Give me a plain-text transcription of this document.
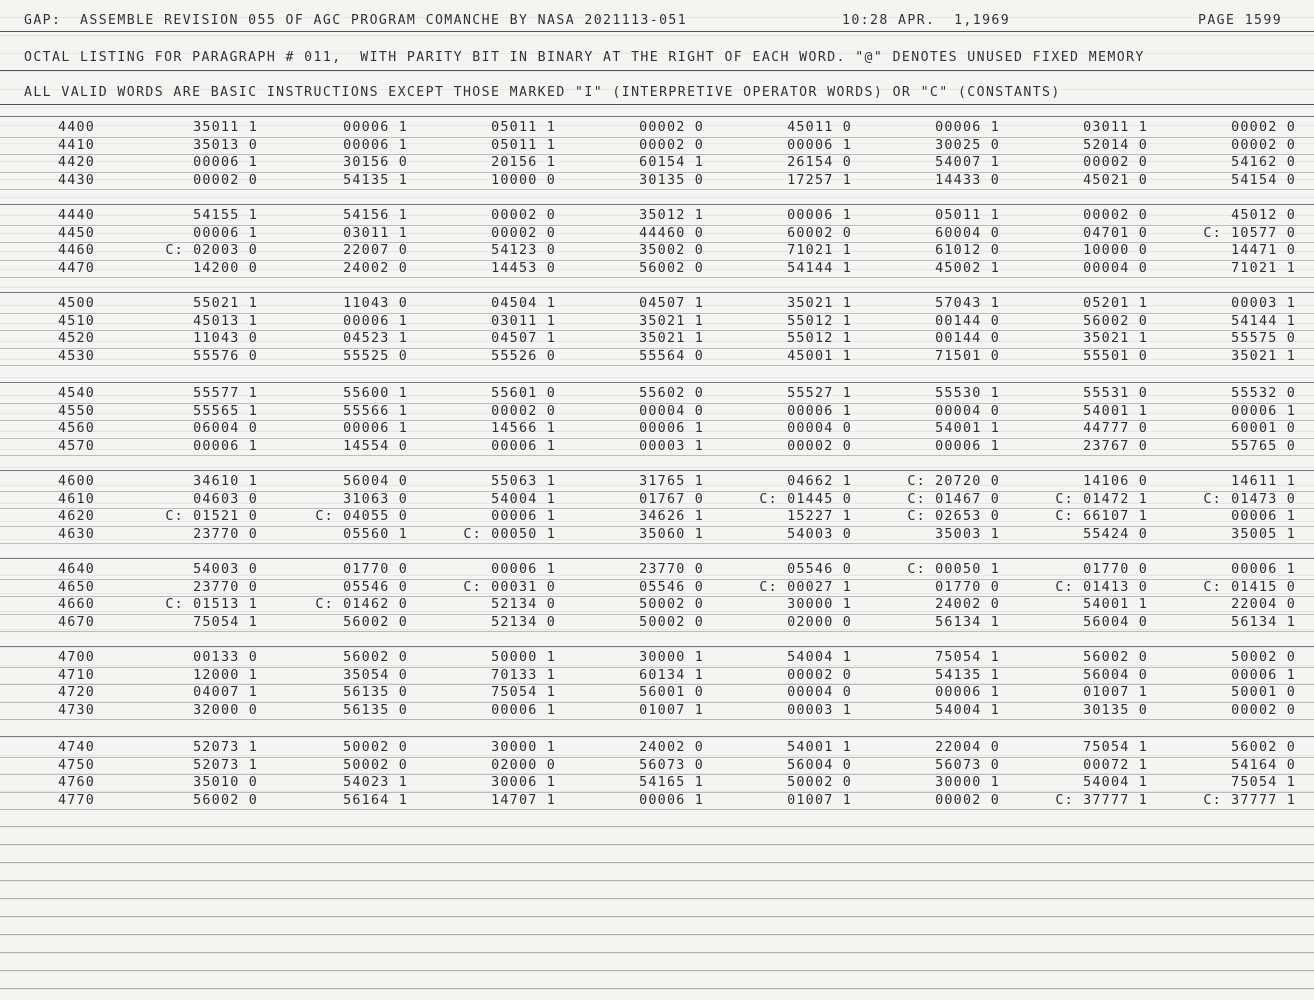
GAP:  ASSEMBLE REVISION 055 OF AGC PROGRAM COMANCHE BY NASA 2021113-051	10:28 APR.  1,1969	PAGE 1599
OCTAL LISTING FOR PARAGRAPH # 011,  WITH PARITY BIT IN BINARY AT THE RIGHT OF EACH WORD. "@" DENOTES UNUSED FIXED MEMORY
ALL VALID WORDS ARE BASIC INSTRUCTIONS EXCEPT THOSE MARKED "I" (INTERPRETIVE OPERATOR WORDS) OR "C" (CONSTANTS)
4400	35011 1	00006 1	05011 1	00002 0	45011 0	00006 1	03011 1	00002 0
4410	35013 0	00006 1	05011 1	00002 0	00006 1	30025 0	52014 0	00002 0
4420	00006 1	30156 0	20156 1	60154 1	26154 0	54007 1	00002 0	54162 0
4430	00002 0	54135 1	10000 0	30135 0	17257 1	14433 0	45021 0	54154 0
4440	54155 1	54156 1	00002 0	35012 1	00006 1	05011 1	00002 0	45012 0
4450	00006 1	03011 1	00002 0	44460 0	60002 0	60004 0	04701 0	C: 10577 0
4460	C: 02003 0	22007 0	54123 0	35002 0	71021 1	61012 0	10000 0	14471 0
4470	14200 0	24002 0	14453 0	56002 0	54144 1	45002 1	00004 0	71021 1
4500	55021 1	11043 0	04504 1	04507 1	35021 1	57043 1	05201 1	00003 1
4510	45013 1	00006 1	03011 1	35021 1	55012 1	00144 0	56002 0	54144 1
4520	11043 0	04523 1	04507 1	35021 1	55012 1	00144 0	35021 1	55575 0
4530	55576 0	55525 0	55526 0	55564 0	45001 1	71501 0	55501 0	35021 1
4540	55577 1	55600 1	55601 0	55602 0	55527 1	55530 1	55531 0	55532 0
4550	55565 1	55566 1	00002 0	00004 0	00006 1	00004 0	54001 1	00006 1
4560	06004 0	00006 1	14566 1	00006 1	00004 0	54001 1	44777 0	60001 0
4570	00006 1	14554 0	00006 1	00003 1	00002 0	00006 1	23767 0	55765 0
4600	34610 1	56004 0	55063 1	31765 1	04662 1	C: 20720 0	14106 0	14611 1
4610	04603 0	31063 0	54004 1	01767 0	C: 01445 0	C: 01467 0	C: 01472 1	C: 01473 0
4620	C: 01521 0	C: 04055 0	00006 1	34626 1	15227 1	C: 02653 0	C: 66107 1	00006 1
4630	23770 0	05560 1	C: 00050 1	35060 1	54003 0	35003 1	55424 0	35005 1
4640	54003 0	01770 0	00006 1	23770 0	05546 0	C: 00050 1	01770 0	00006 1
4650	23770 0	05546 0	C: 00031 0	05546 0	C: 00027 1	01770 0	C: 01413 0	C: 01415 0
4660	C: 01513 1	C: 01462 0	52134 0	50002 0	30000 1	24002 0	54001 1	22004 0
4670	75054 1	56002 0	52134 0	50002 0	02000 0	56134 1	56004 0	56134 1
4700	00133 0	56002 0	50000 1	30000 1	54004 1	75054 1	56002 0	50002 0
4710	12000 1	35054 0	70133 1	60134 1	00002 0	54135 1	56004 0	00006 1
4720	04007 1	56135 0	75054 1	56001 0	00004 0	00006 1	01007 1	50001 0
4730	32000 0	56135 0	00006 1	01007 1	00003 1	54004 1	30135 0	00002 0
4740	52073 1	50002 0	30000 1	24002 0	54001 1	22004 0	75054 1	56002 0
4750	52073 1	50002 0	02000 0	56073 0	56004 0	56073 0	00072 1	54164 0
4760	35010 0	54023 1	30006 1	54165 1	50002 0	30000 1	54004 1	75054 1
4770	56002 0	56164 1	14707 1	00006 1	01007 1	00002 0	C: 37777 1	C: 37777 1
